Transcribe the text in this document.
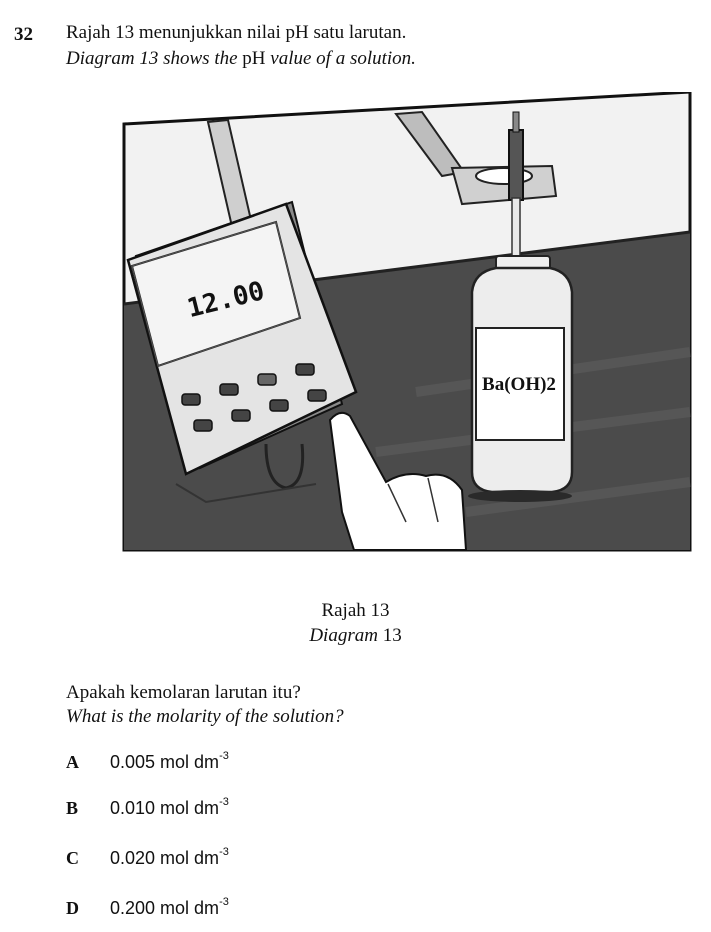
32 Rajah 13 menunjukkan nilai pH satu larutan.
Diagram 13 shows the pH value of a solution.
Ba(OH)2
12.00
Rajah 13
Diagram 13
Apakah kemolaran larutan itu?
What is the molarity of the solution?
A 0.005 mol $dm^{-3}$
B 0.010 mol $dm^{-3}$
C 0.020 mol $dm^{-3}$
D 0.200 mol $dm^{-3}$
